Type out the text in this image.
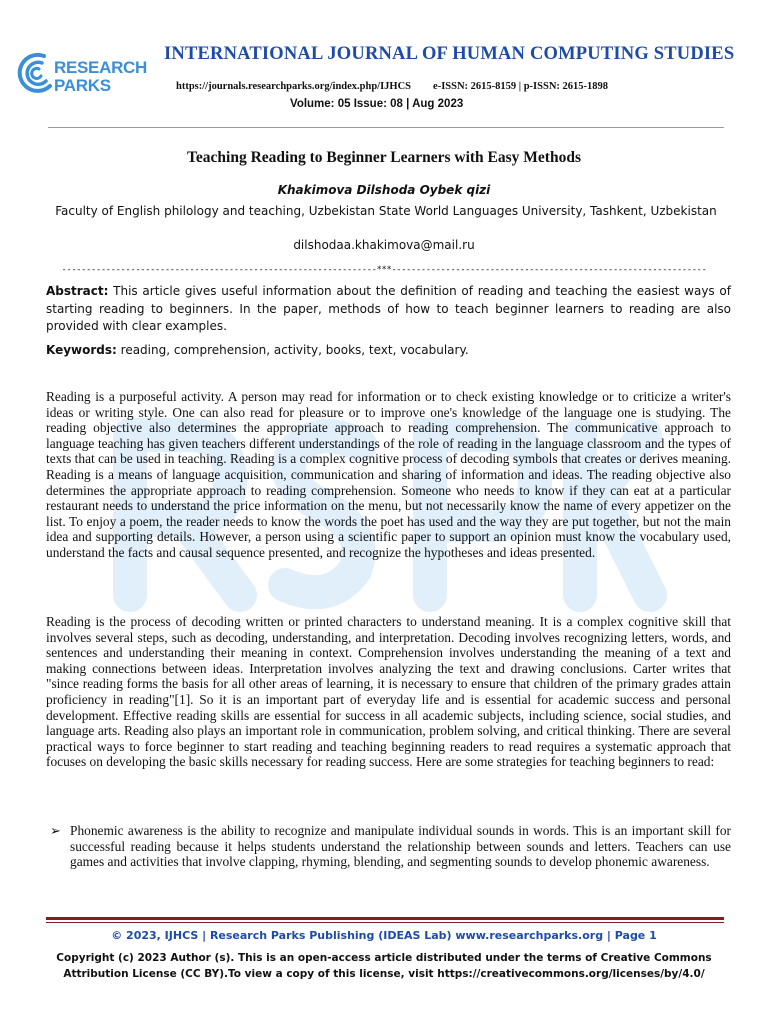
RESEARCH
PARKS
INTERNATIONAL JOURNAL OF HUMAN COMPUTING STUDIES
https://journals.researchparks.org/index.php/IJHCS e-ISSN: 2615-8159 | p-ISSN: 2615-1898
Volume: 05 Issue: 08 | Aug 2023
Teaching Reading to Beginner Learners with Easy Methods
Khakimova Dilshoda Oybek qizi
Faculty of English philology and teaching, Uzbekistan State World Languages University, Tashkent, Uzbekistan
dilshodaa.khakimova@mail.ru
----------------------------------------------------------------***----------------------------------------------------------------
Abstract: This article gives useful information about the definition of reading and teaching the easiest ways of starting reading to beginners. In the paper, methods of how to teach beginner learners to reading are also provided with clear examples.
Keywords: reading, comprehension, activity, books, text, vocabulary.

Reading is a purposeful activity. A person may read for information or to check existing knowledge or to criticize a writer's ideas or writing style. One can also read for pleasure or to improve one's knowledge of the language one is studying. The reading objective also determines the appropriate approach to reading comprehension. The communicative approach to language teaching has given teachers different understandings of the role of reading in the language classroom and the types of texts that can be used in teaching. Reading is a complex cognitive process of decoding symbols that creates or derives meaning. Reading is a means of language acquisition, communication and sharing of information and ideas. The reading objective also determines the appropriate approach to reading comprehension. Someone who needs to know if they can eat at a particular restaurant needs to understand the price information on the menu, but not necessarily know the name of every appetizer on the list. To enjoy a poem, the reader needs to know the words the poet has used and the way they are put together, but not the main idea and supporting details. However, a person using a scientific paper to support an opinion must know the vocabulary used, understand the facts and causal sequence presented, and recognize the hypotheses and ideas presented.

Reading is the process of decoding written or printed characters to understand meaning. It is a complex cognitive skill that involves several steps, such as decoding, understanding, and interpretation. Decoding involves recognizing letters, words, and sentences and understanding their meaning in context. Comprehension involves understanding the meaning of a text and making connections between ideas. Interpretation involves analyzing the text and drawing conclusions. Carter writes that "since reading forms the basis for all other areas of learning, it is necessary to ensure that children of the primary grades attain proficiency in reading"[1]. So it is an important part of everyday life and is essential for academic success and personal development. Effective reading skills are essential for success in all academic subjects, including science, social studies, and language arts. Reading also plays an important role in communication, problem solving, and critical thinking. There are several practical ways to force beginner to start reading and teaching beginning readers to read requires a systematic approach that focuses on developing the basic skills necessary for reading success. Here are some strategies for teaching beginners to read:

➢ Phonemic awareness is the ability to recognize and manipulate individual sounds in words. This is an important skill for successful reading because it helps students understand the relationship between sounds and letters. Teachers can use games and activities that involve clapping, rhyming, blending, and segmenting sounds to develop phonemic awareness.

© 2023, IJHCS | Research Parks Publishing (IDEAS Lab) www.researchparks.org | Page 1
Copyright (c) 2023 Author (s). This is an open-access article distributed under the terms of Creative Commons Attribution License (CC BY).To view a copy of this license, visit https://creativecommons.org/licenses/by/4.0/
